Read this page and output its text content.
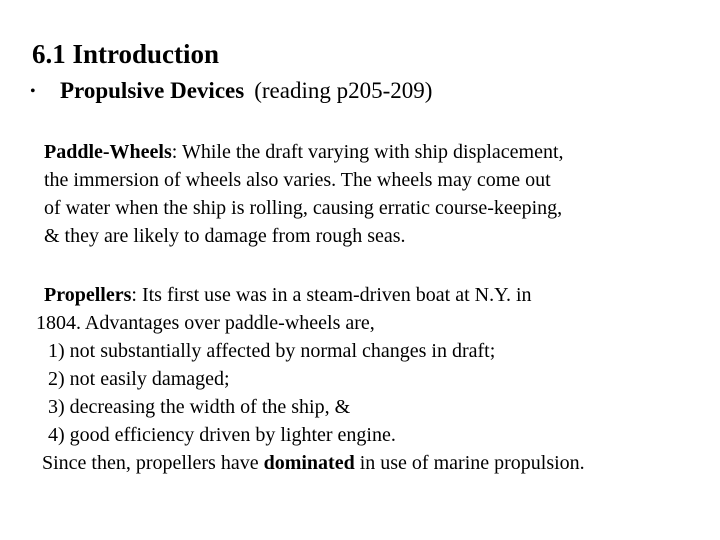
6.1 Introduction
• Propulsive Devices (reading p205-209)
Paddle-Wheels: While the draft varying with ship displacement,
the immersion of wheels also varies. The wheels may come out
of water when the ship is rolling, causing erratic course-keeping,
& they are likely to damage from rough seas.
Propellers: Its first use was in a steam-driven boat at N.Y. in
1804. Advantages over paddle-wheels are,
1) not substantially affected by normal changes in draft;
2) not easily damaged;
3) decreasing the width of the ship, &
4) good efficiency driven by lighter engine.
Since then, propellers have dominated in use of marine propulsion.
